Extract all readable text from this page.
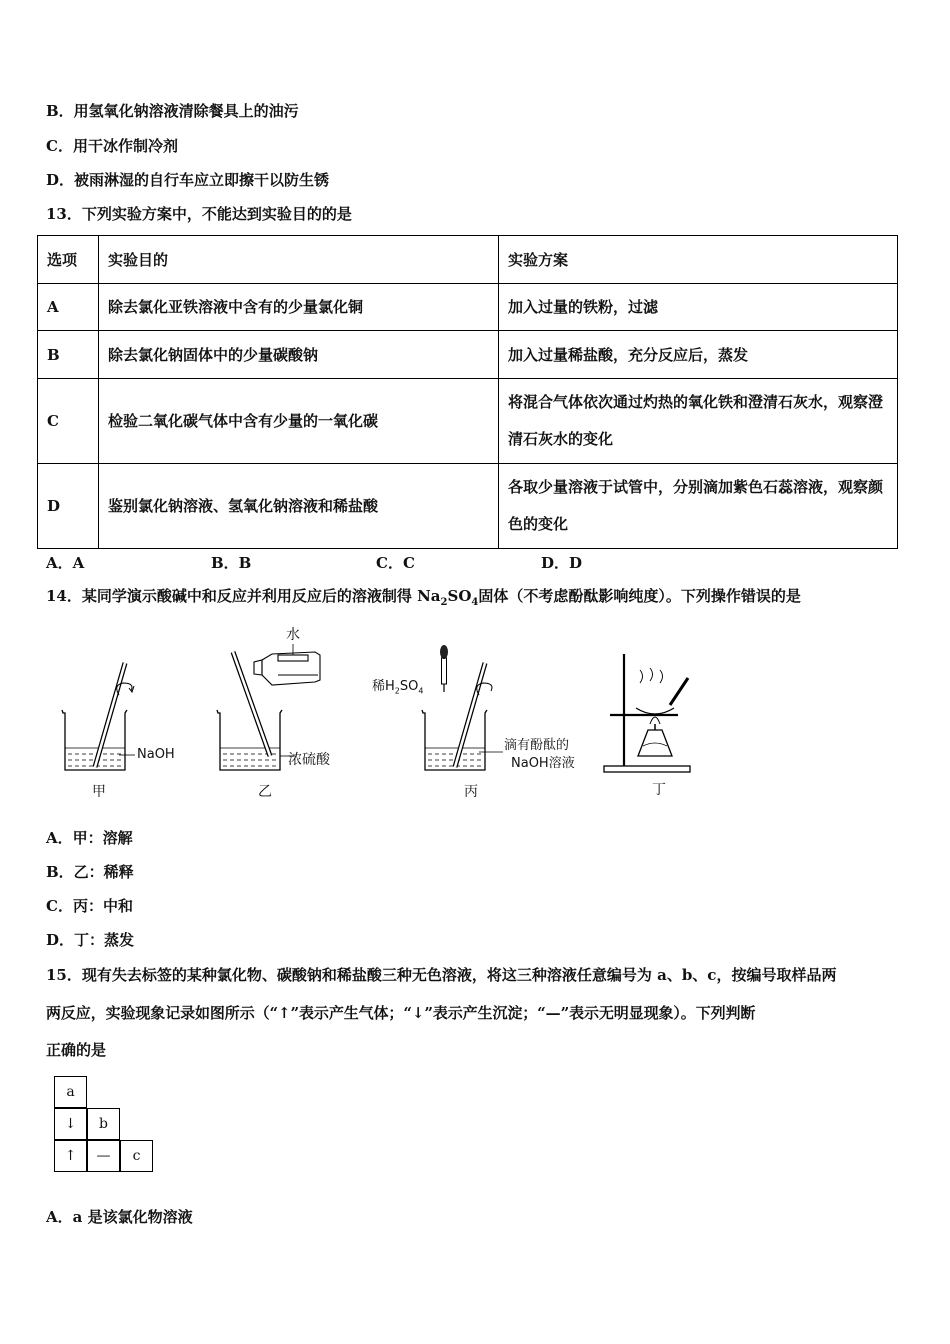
B．用氢氧化钠溶液清除餐具上的油污
C．用干冰作制冷剂
D．被雨淋湿的自行车应立即擦干以防生锈
13．下列实验方案中，不能达到实验目的的是
选项	实验目的	实验方案
A	除去氯化亚铁溶液中含有的少量氯化铜	加入过量的铁粉，过滤
B	除去氯化钠固体中的少量碳酸钠	加入过量稀盐酸，充分反应后，蒸发
C	检验二氧化碳气体中含有少量的一氧化碳	将混合气体依次通过灼热的氧化铁和澄清石灰水，观察澄清石灰水的变化
D	鉴别氯化钠溶液、氢氧化钠溶液和稀盐酸	各取少量溶液于试管中，分别滴加紫色石蕊溶液，观察颜色的变化
A．A	B．B	C．C	D．D
14．某同学演示酸碱中和反应并利用反应后的溶液制得 $Na_2SO_4$固体（不考虑酚酞影响纯度）。下列操作错误的是
NaOH
甲
水
浓硫酸
乙
稀$H_2SO_4$
滴有酚酞的
NaOH溶液
丙	丁
A．甲：溶解
B．乙：稀释
C．丙：中和
D．丁：蒸发
15．现有失去标签的某种氯化物、碳酸钠和稀盐酸三种无色溶液，将这三种溶液任意编号为 a、b、c，按编号取样品两
两反应，实验现象记录如图所示（“↑”表示产生气体；“↓”表示产生沉淀；“—”表示无明显现象）。下列判断
正确的是
a
↓	b
↑	—	c
A．a 是该氯化物溶液
